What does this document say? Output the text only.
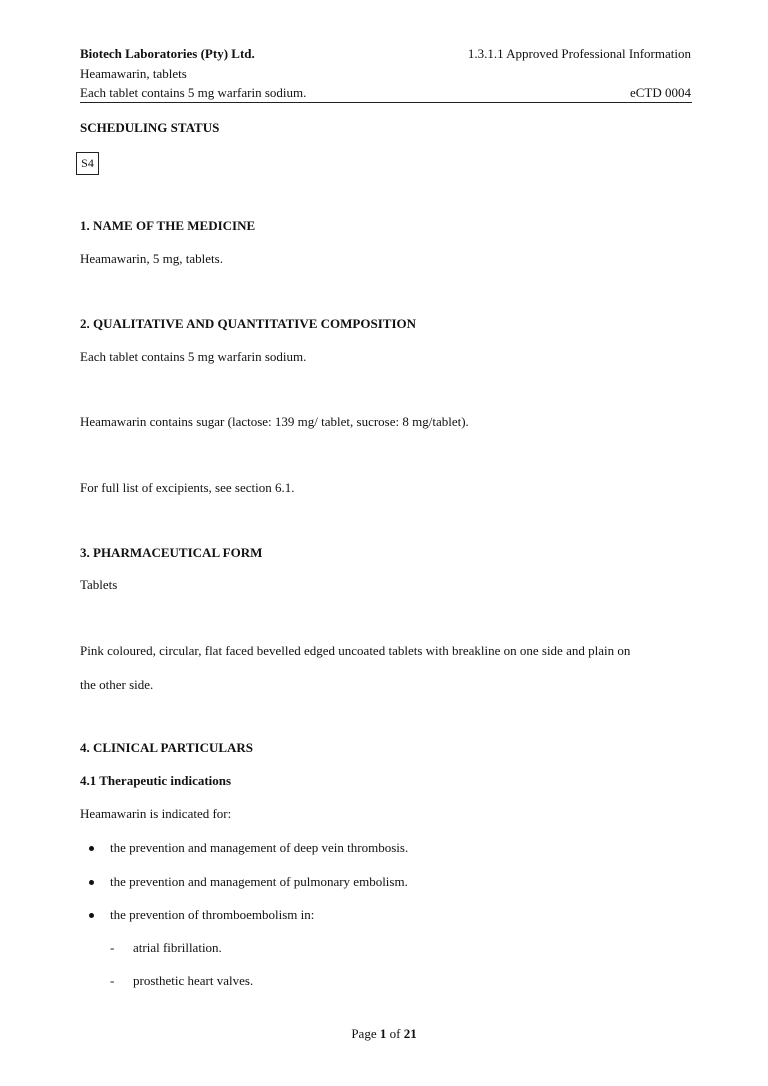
Biotech Laboratories (Pty) Ltd.	1.3.1.1 Approved Professional Information
Heamawarin, tablets
Each tablet contains 5 mg warfarin sodium.	eCTD 0004
SCHEDULING STATUS
S4
1. NAME OF THE MEDICINE
Heamawarin, 5 mg, tablets.
2. QUALITATIVE AND QUANTITATIVE COMPOSITION
Each tablet contains 5 mg warfarin sodium.
Heamawarin contains sugar (lactose: 139 mg/ tablet, sucrose: 8 mg/tablet).
For full list of excipients, see section 6.1.
3. PHARMACEUTICAL FORM
Tablets
Pink coloured, circular, flat faced bevelled edged uncoated tablets with breakline on one side and plain on
the other side.
4. CLINICAL PARTICULARS
4.1 Therapeutic indications
Heamawarin is indicated for:
the prevention and management of deep vein thrombosis.
the prevention and management of pulmonary embolism.
the prevention of thromboembolism in:
- atrial fibrillation.
- prosthetic heart valves.
Page 1 of 21
